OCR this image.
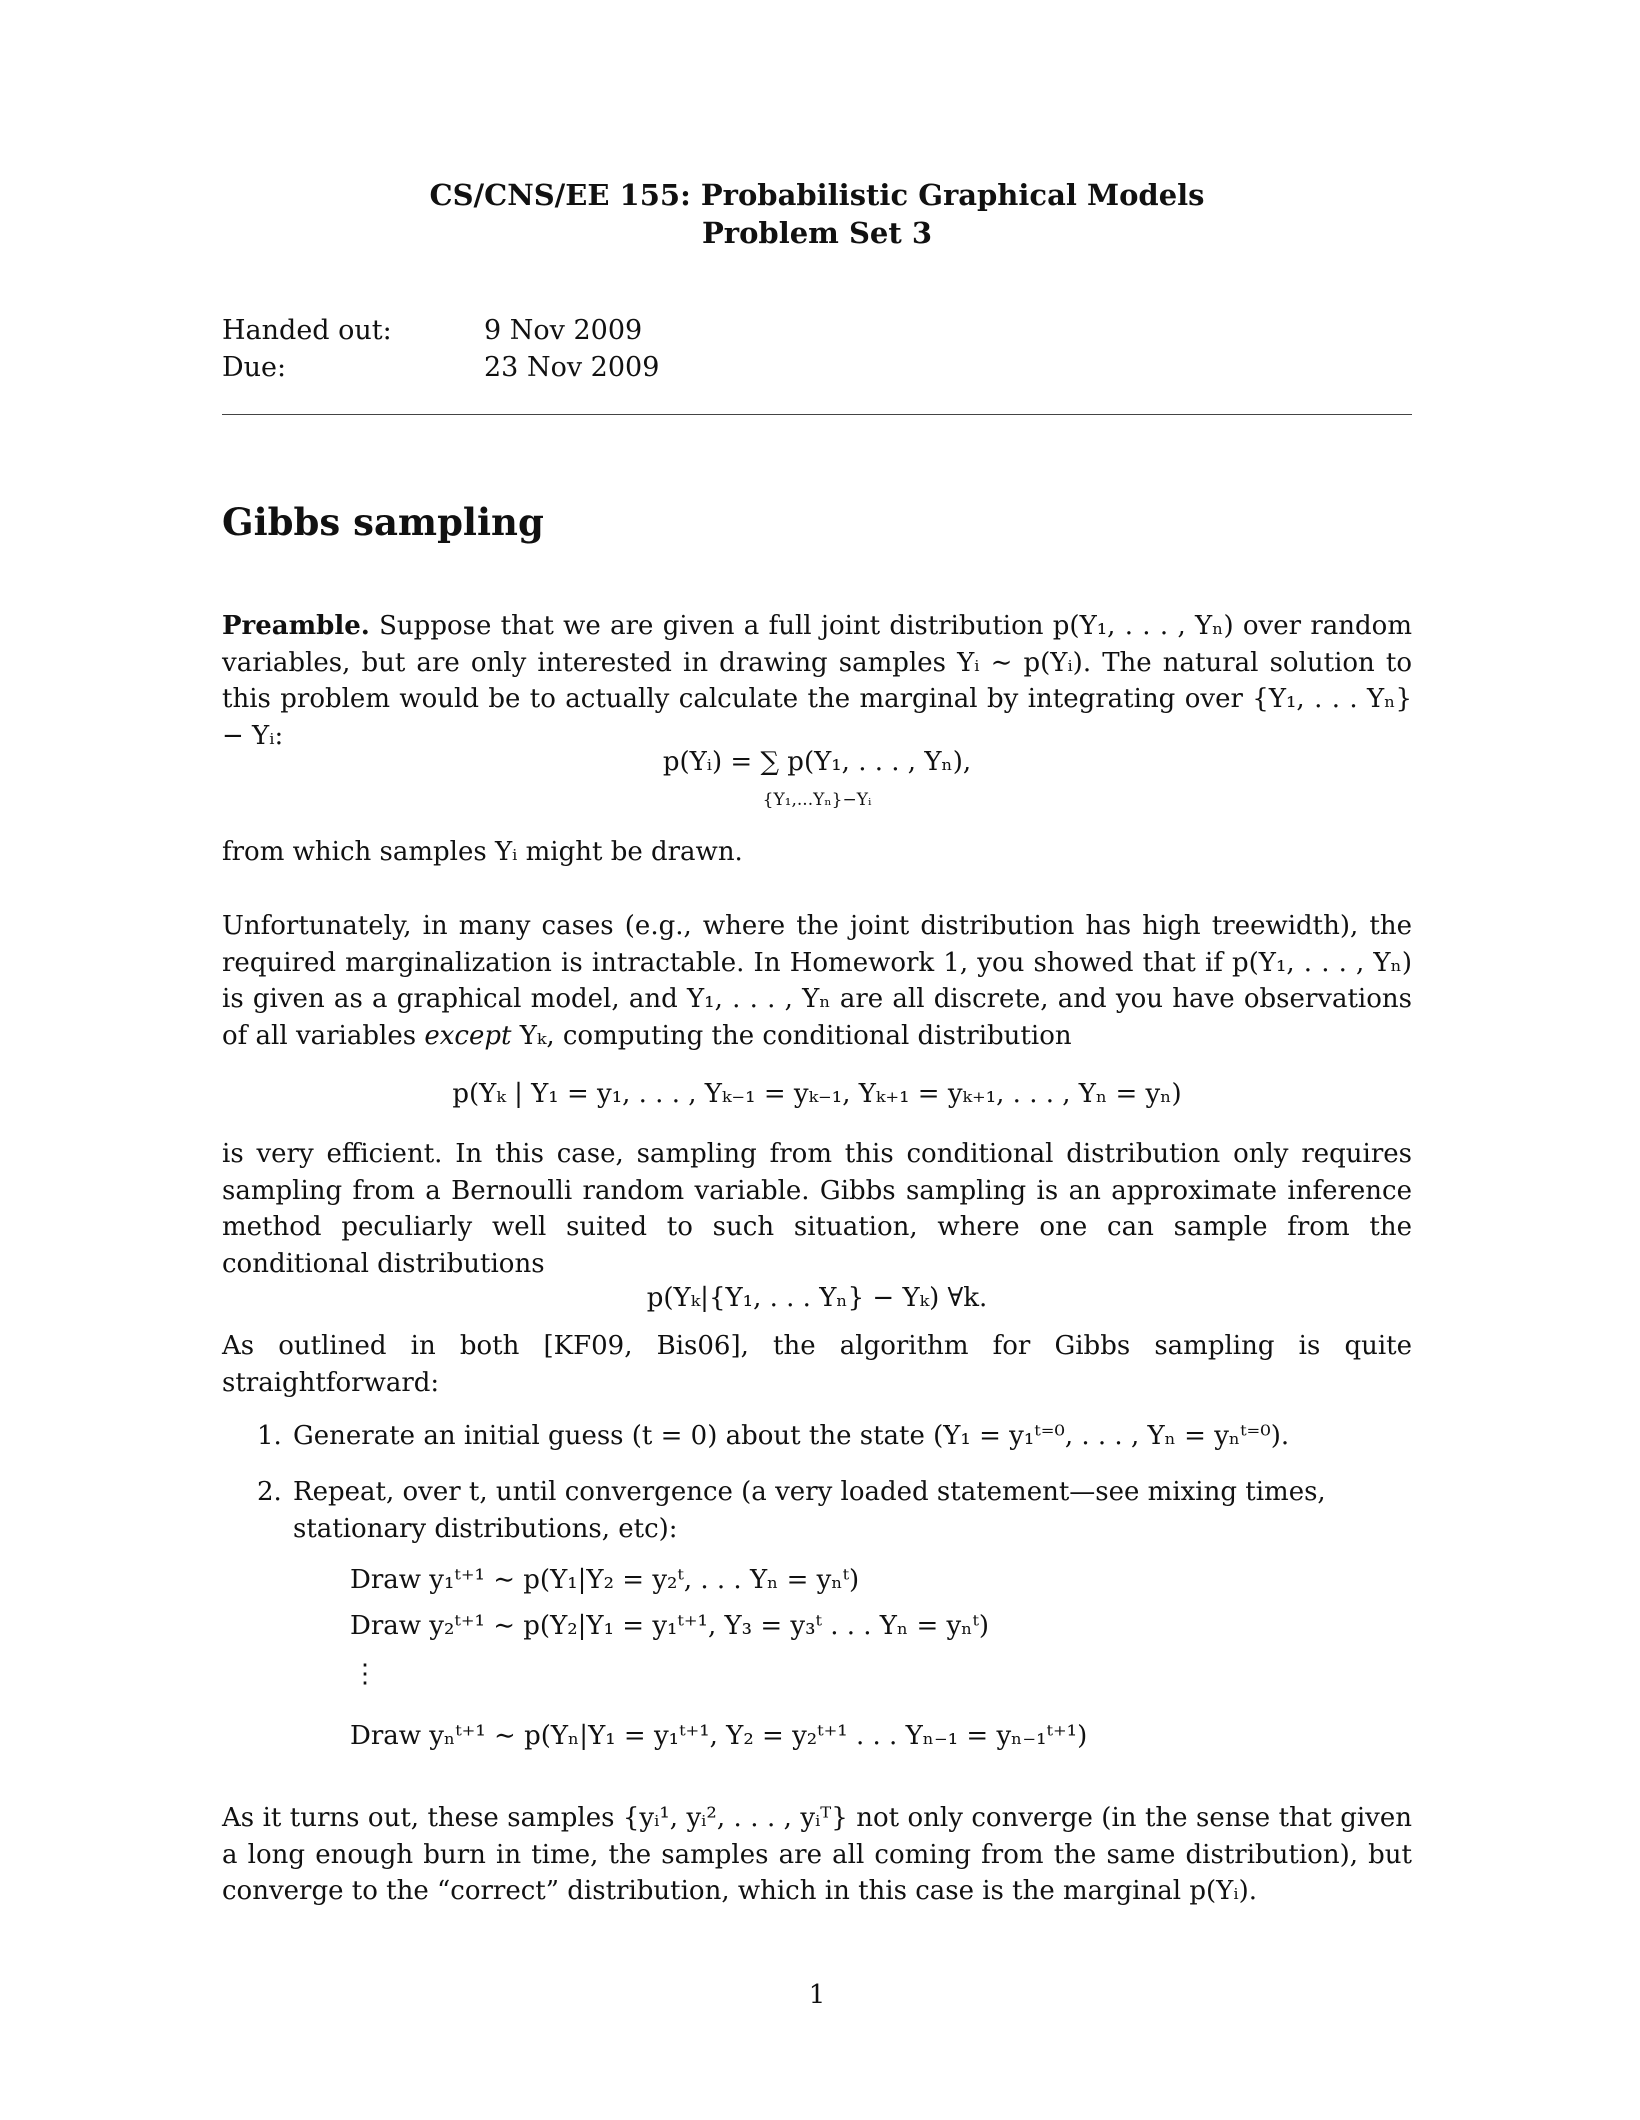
CS/CNS/EE 155: Probabilistic Graphical Models
Problem Set 3
Handed out:	9 Nov 2009
Due:	23 Nov 2009
Gibbs sampling
Preamble. Suppose that we are given a full joint distribution p(Y₁, . . . , Yₙ) over random variables, but are only interested in drawing samples Yᵢ ∼ p(Yᵢ). The natural solution to this problem would be to actually calculate the marginal by integrating over {Y₁, . . . Yₙ} − Yᵢ:
p(Yᵢ) = ∑ p(Y₁, . . . , Yₙ),
{Y₁,...Yₙ}−Yᵢ
from which samples Yᵢ might be drawn.
Unfortunately, in many cases (e.g., where the joint distribution has high treewidth), the required marginalization is intractable. In Homework 1, you showed that if p(Y₁, . . . , Yₙ) is given as a graphical model, and Y₁, . . . , Yₙ are all discrete, and you have observations of all variables except Yₖ, computing the conditional distribution
p(Yₖ | Y₁ = y₁, . . . , Yₖ₋₁ = yₖ₋₁, Yₖ₊₁ = yₖ₊₁, . . . , Yₙ = yₙ)
is very efficient. In this case, sampling from this conditional distribution only requires sampling from a Bernoulli random variable. Gibbs sampling is an approximate inference method peculiarly well suited to such situation, where one can sample from the conditional distributions
p(Yₖ|{Y₁, . . . Yₙ} − Yₖ) ∀k.
As outlined in both [KF09, Bis06], the algorithm for Gibbs sampling is quite straightforward:
1. Generate an initial guess (t = 0) about the state (Y₁ = y₁ᵗ⁼⁰, . . . , Yₙ = yₙᵗ⁼⁰).
2. Repeat, over t, until convergence (a very loaded statement—see mixing times, stationary distributions, etc):
Draw y₁ᵗ⁺¹ ∼ p(Y₁|Y₂ = y₂ᵗ, . . . Yₙ = yₙᵗ)
Draw y₂ᵗ⁺¹ ∼ p(Y₂|Y₁ = y₁ᵗ⁺¹, Y₃ = y₃ᵗ . . . Yₙ = yₙᵗ)
⋮
Draw yₙᵗ⁺¹ ∼ p(Yₙ|Y₁ = y₁ᵗ⁺¹, Y₂ = y₂ᵗ⁺¹ . . . Yₙ₋₁ = yₙ₋₁ᵗ⁺¹)
As it turns out, these samples {yᵢ¹, yᵢ², . . . , yᵢᵀ} not only converge (in the sense that given a long enough burn in time, the samples are all coming from the same distribution), but converge to the “correct” distribution, which in this case is the marginal p(Yᵢ).
1
